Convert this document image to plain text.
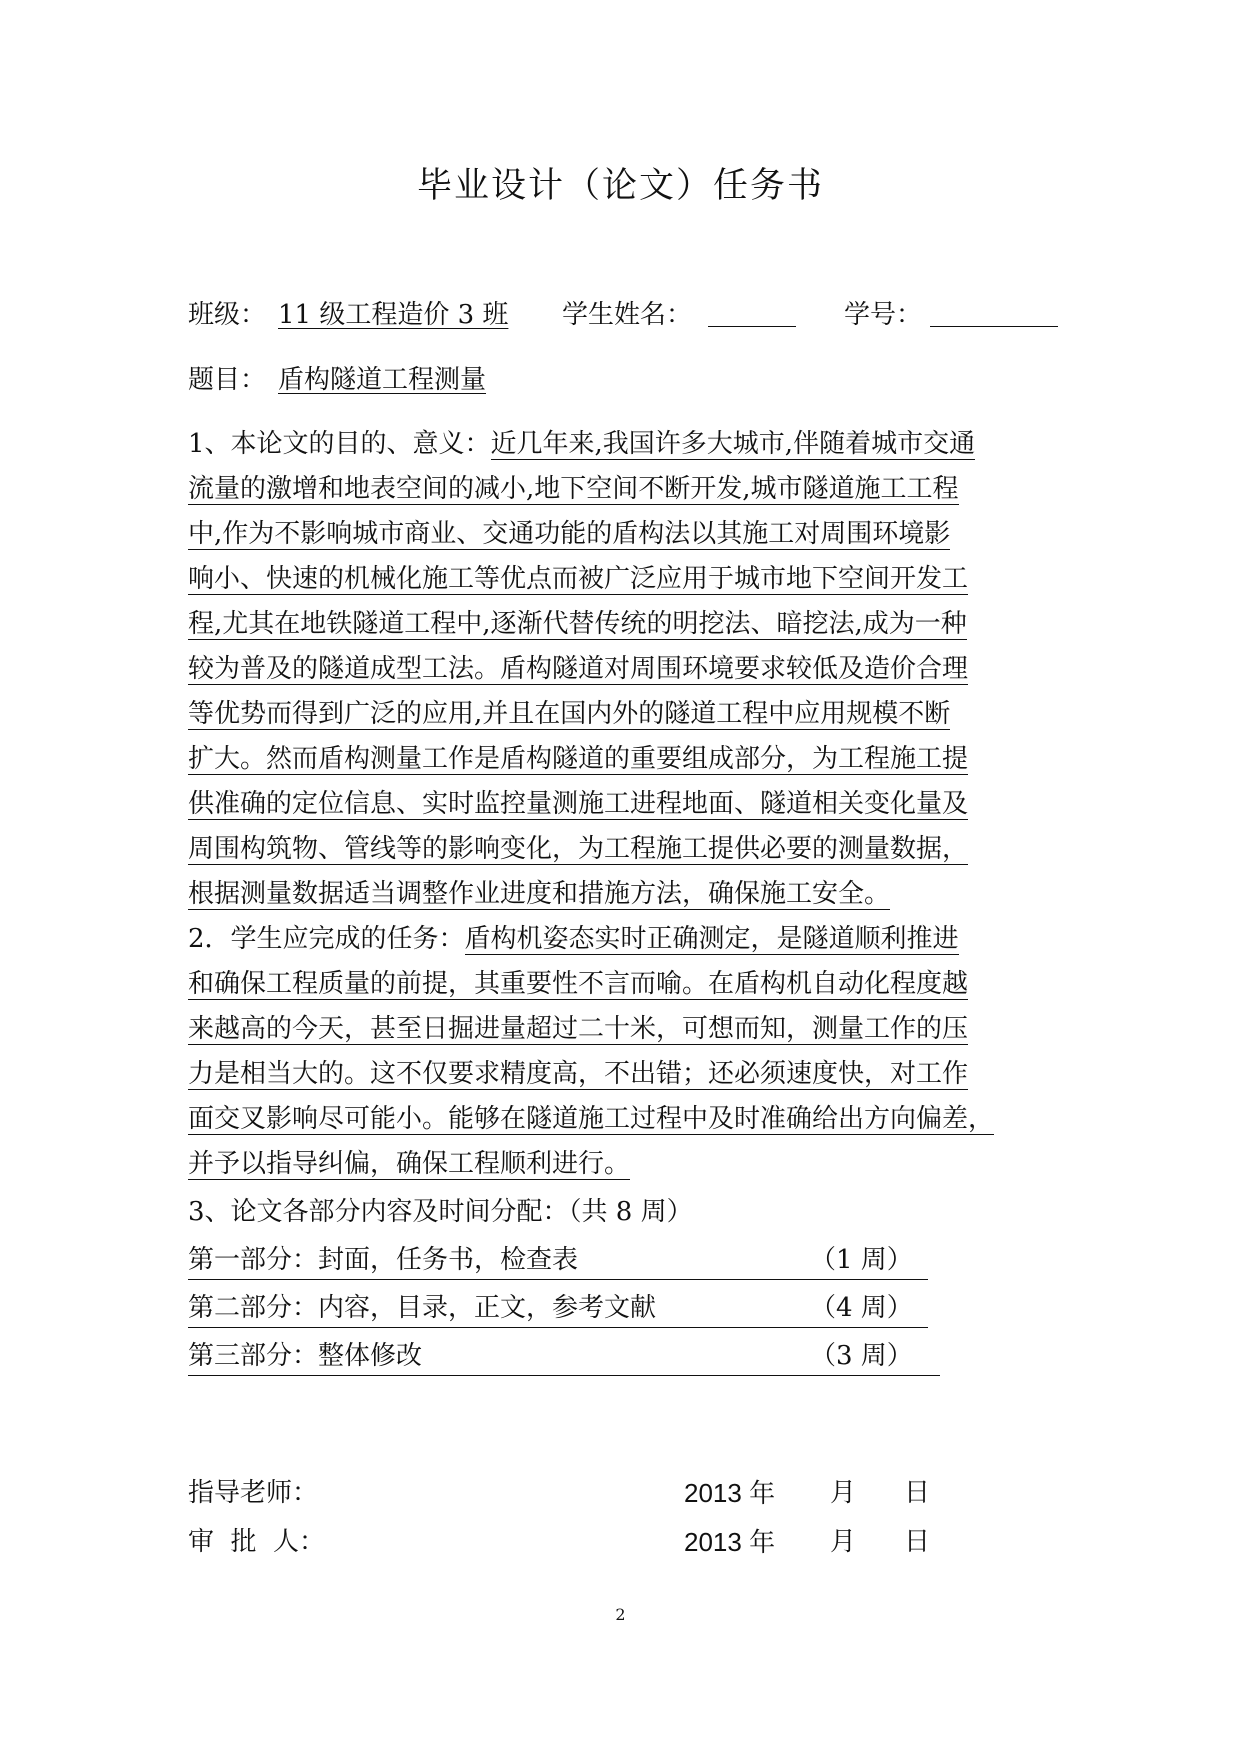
毕业设计（论文）任务书
班级： 11 级工程造价 3 班 学生姓名：	学号：
题目： 盾构隧道工程测量
1、本论文的目的、意义：近几年来,我国许多大城市,伴随着城市交通
流量的激增和地表空间的减小,地下空间不断开发,城市隧道施工工程
中,作为不影响城市商业、交通功能的盾构法以其施工对周围环境影
响小、快速的机械化施工等优点而被广泛应用于城市地下空间开发工
程,尤其在地铁隧道工程中,逐渐代替传统的明挖法、暗挖法,成为一种
较为普及的隧道成型工法。盾构隧道对周围环境要求较低及造价合理
等优势而得到广泛的应用,并且在国内外的隧道工程中应用规模不断
扩大。然而盾构测量工作是盾构隧道的重要组成部分，为工程施工提
供准确的定位信息、实时监控量测施工进程地面、隧道相关变化量及
周围构筑物、管线等的影响变化，为工程施工提供必要的测量数据，
根据测量数据适当调整作业进度和措施方法，确保施工安全。
2．学生应完成的任务：盾构机姿态实时正确测定，是隧道顺利推进
和确保工程质量的前提，其重要性不言而喻。在盾构机自动化程度越
来越高的今天，甚至日掘进量超过二十米，可想而知，测量工作的压
力是相当大的。这不仅要求精度高，不出错；还必须速度快，对工作
面交叉影响尽可能小。能够在隧道施工过程中及时准确给出方向偏差，
并予以指导纠偏，确保工程顺利进行。
3、论文各部分内容及时间分配：（共 8 周）
第一部分：封面，任务书，检查表	（1 周）
第二部分：内容，目录，正文，参考文献	（4 周）
第三部分：整体修改	（3 周）
指导老师：	2013 年 月 日
审  批  人：	2013 年 月 日
2
